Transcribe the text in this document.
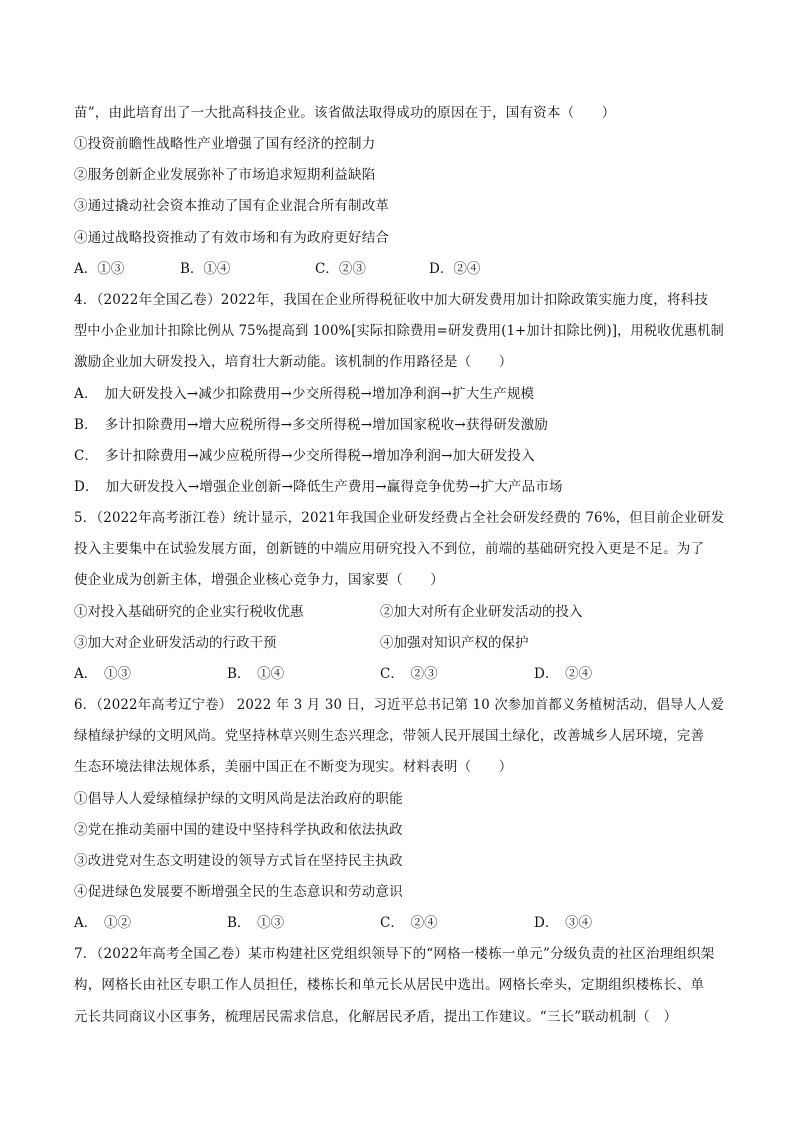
苗”，由此培育出了一大批高科技企业。该省做法取得成功的原因在于，国有资本（　　）
①投资前瞻性战略性产业增强了国有经济的控制力
②服务创新企业发展弥补了市场追求短期利益缺陷
③通过撬动社会资本推动了国有企业混合所有制改革
④通过战略投资推动了有效市场和有为政府更好结合
A．①③	B．①④	C．②③	D．②④
4．（2022年全国乙卷）2022年，我国在企业所得税征收中加大研发费用加计扣除政策实施力度，将科技
型中小企业加计扣除比例从 75%提高到 100%[实际扣除费用=研发费用(1+加计扣除比例)]，用税收优惠机制
激励企业加大研发投入，培育壮大新动能。该机制的作用路径是（　　）
A．　加大研发投入→减少扣除费用→少交所得税→增加净利润→扩大生产规模
B．　多计扣除费用→增大应税所得→多交所得税→增加国家税收→获得研发激励
C．　多计扣除费用→减少应税所得→少交所得税→增加净利润→加大研发投入
D．　加大研发投入→增强企业创新→降低生产费用→赢得竞争优势→扩大产品市场
5．（2022年高考浙江卷）统计显示，2021年我国企业研发经费占全社会研发经费的 76%，但目前企业研发
投入主要集中在试验发展方面，创新链的中端应用研究投入不到位，前端的基础研究投入更是不足。为了
使企业成为创新主体，增强企业核心竞争力，国家要（　　）
①对投入基础研究的企业实行税收优惠	②加大对所有企业研发活动的投入
③加大对企业研发活动的行政干预	④加强对知识产权的保护
A．　①③	B．　①④	C．　②③	D．　②④
6．（2022年高考辽宁卷） 2022 年 3 月 30 日，习近平总书记第 10 次参加首都义务植树活动，倡导人人爱
绿植绿护绿的文明风尚。党坚持林草兴则生态兴理念，带领人民开展国土绿化，改善城乡人居环境，完善
生态环境法律法规体系，美丽中国正在不断变为现实。材料表明（　　）
①倡导人人爱绿植绿护绿的文明风尚是法治政府的职能
②党在推动美丽中国的建设中坚持科学执政和依法执政
③改进党对生态文明建设的领导方式旨在坚持民主执政
④促进绿色发展要不断增强全民的生态意识和劳动意识
A．　①②	B．　①③	C．　②④	D．　③④
7．（2022年高考全国乙卷）某市构建社区党组织领导下的“网格一楼栋一单元”分级负责的社区治理组织架
构，网格长由社区专职工作人员担任，楼栋长和单元长从居民中选出。网格长牵头，定期组织楼栋长、单
元长共同商议小区事务，梳理居民需求信息，化解居民矛盾，提出工作建议。“三长”联动机制（　）
